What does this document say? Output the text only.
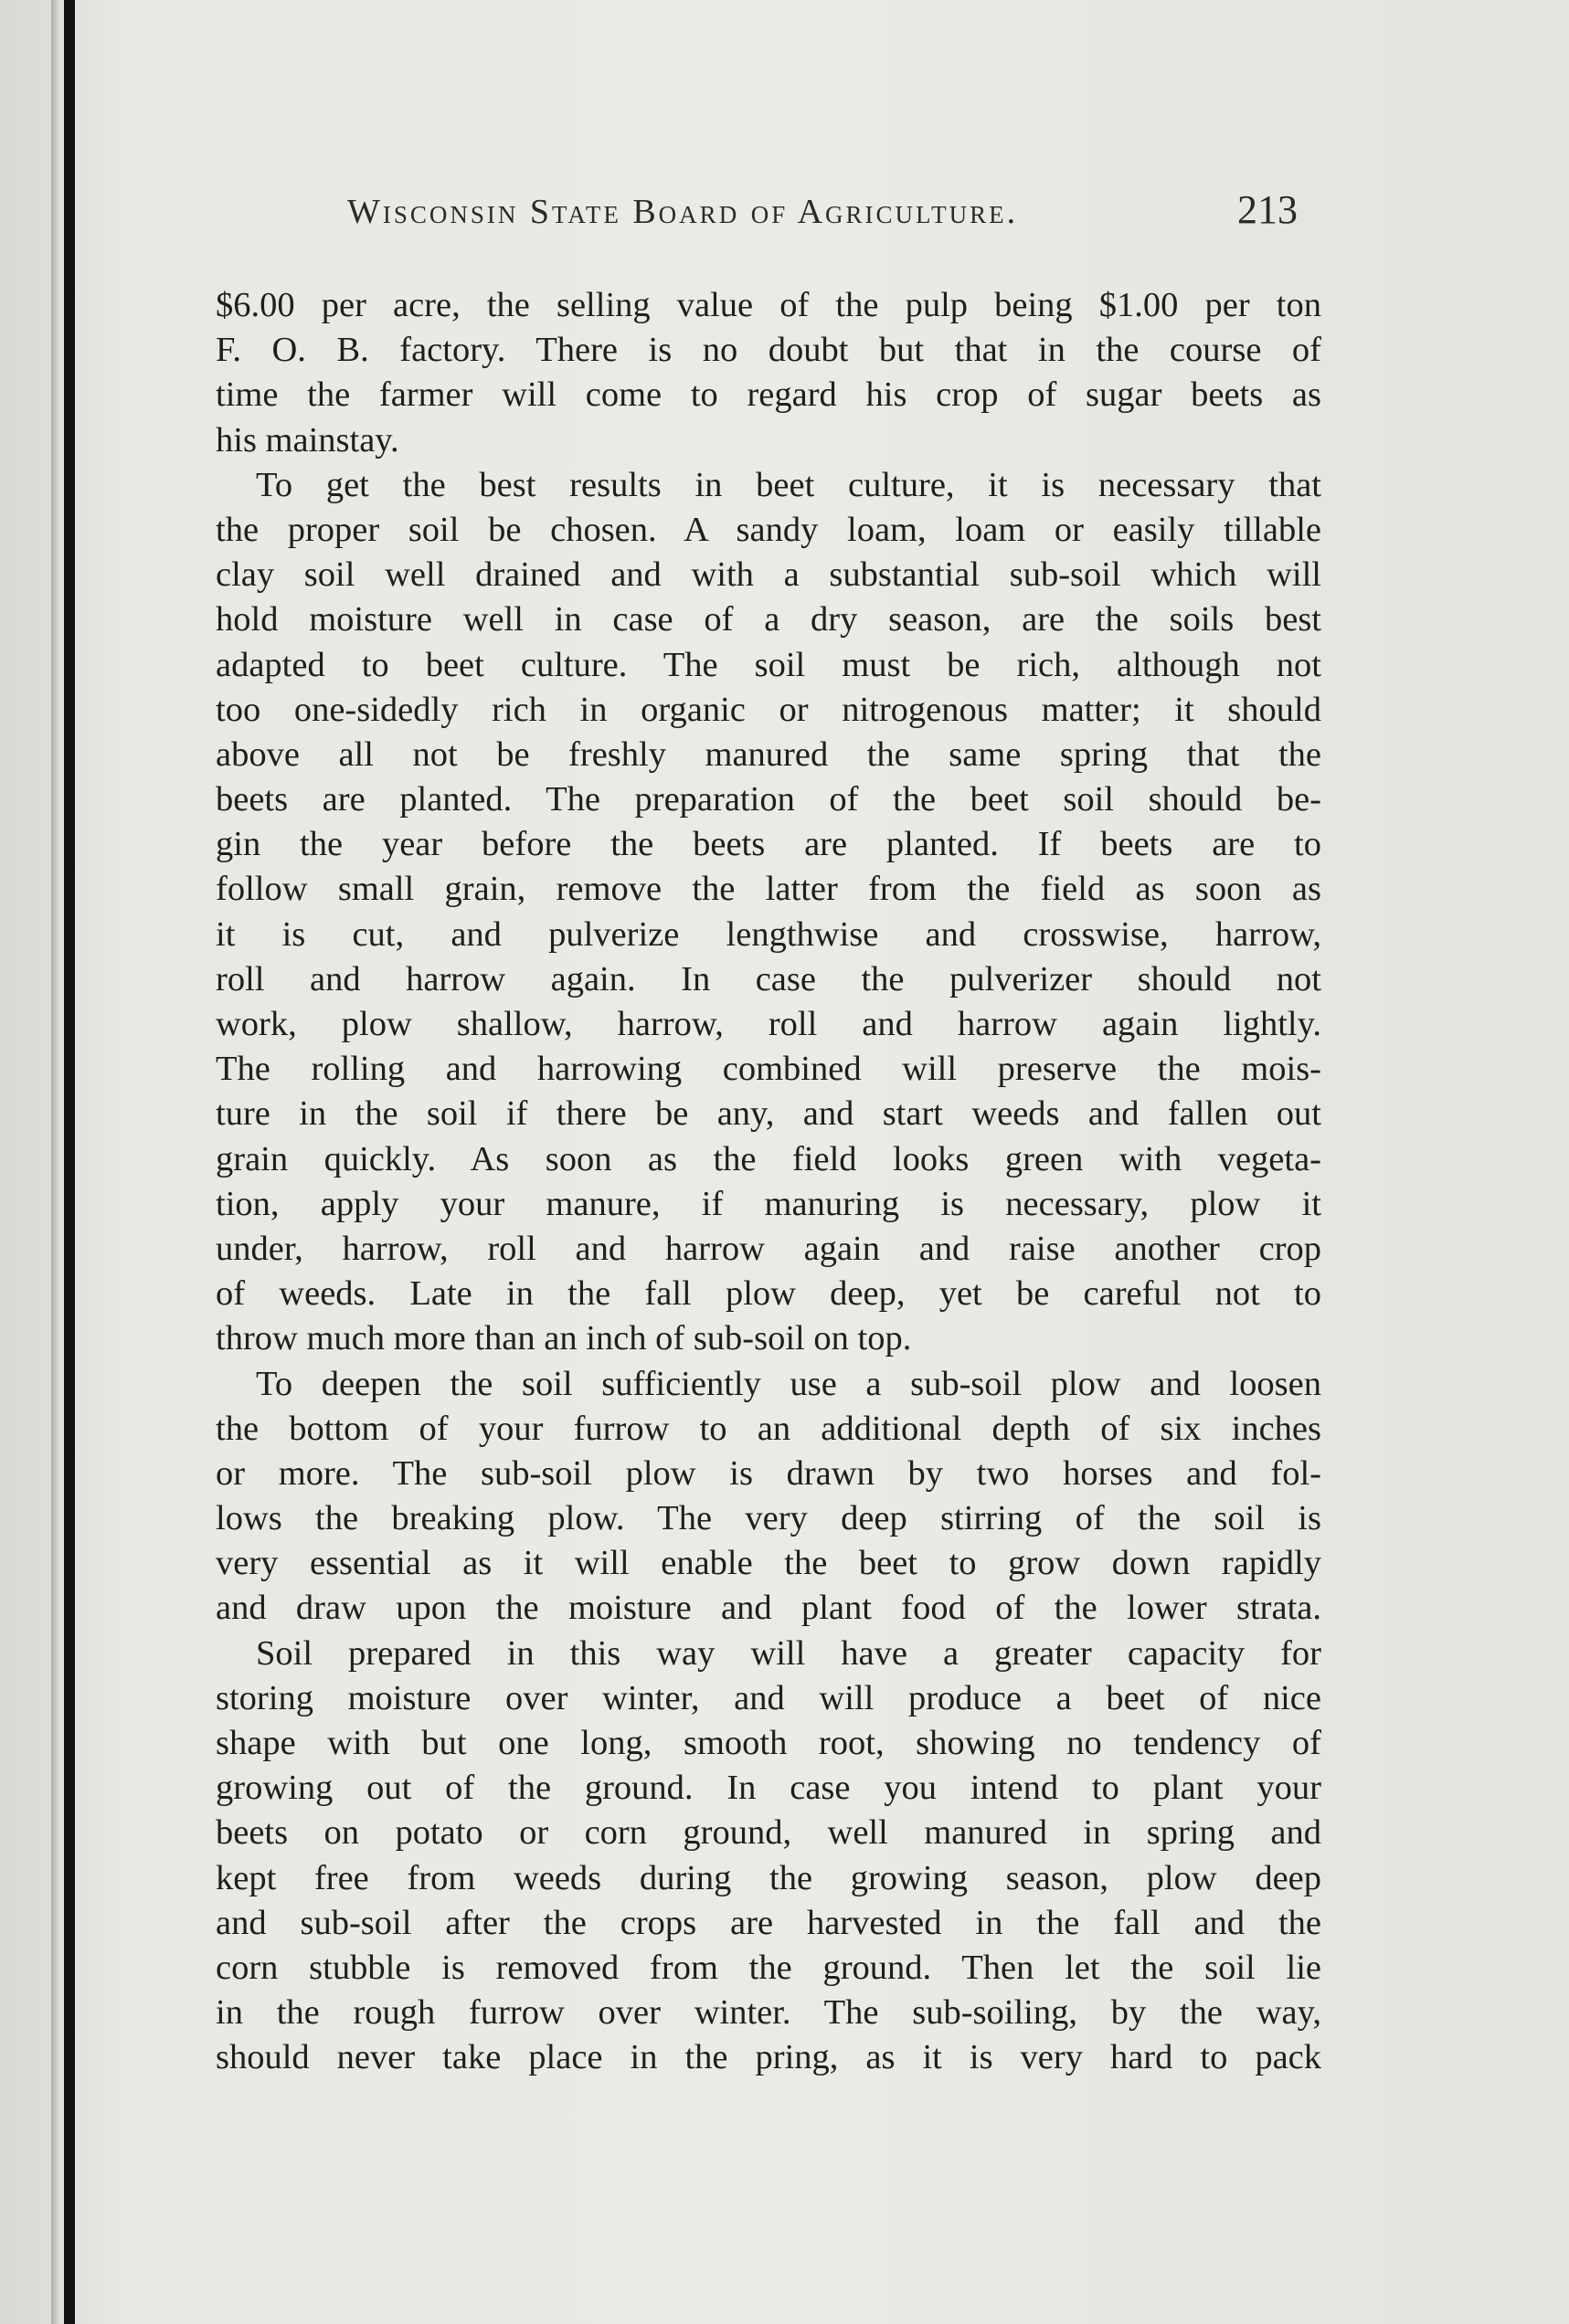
Wisconsin State Board of Agriculture.	213
$6.00 per acre, the selling value of the pulp being $1.00 per ton
F. O. B. factory. There is no doubt but that in the course of
time the farmer will come to regard his crop of sugar beets as
his mainstay.
To get the best results in beet culture, it is necessary that
the proper soil be chosen. A sandy loam, loam or easily tillable
clay soil well drained and with a substantial sub-soil which will
hold moisture well in case of a dry season, are the soils best
adapted to beet culture. The soil must be rich, although not
too one-sidedly rich in organic or nitrogenous matter; it should
above all not be freshly manured the same spring that the
beets are planted. The preparation of the beet soil should be-
gin the year before the beets are planted. If beets are to
follow small grain, remove the latter from the field as soon as
it is cut, and pulverize lengthwise and crosswise, harrow,
roll and harrow again. In case the pulverizer should not
work, plow shallow, harrow, roll and harrow again lightly.
The rolling and harrowing combined will preserve the mois-
ture in the soil if there be any, and start weeds and fallen out
grain quickly. As soon as the field looks green with vegeta-
tion, apply your manure, if manuring is necessary, plow it
under, harrow, roll and harrow again and raise another crop
of weeds. Late in the fall plow deep, yet be careful not to
throw much more than an inch of sub-soil on top.
To deepen the soil sufficiently use a sub-soil plow and loosen
the bottom of your furrow to an additional depth of six inches
or more. The sub-soil plow is drawn by two horses and fol-
lows the breaking plow. The very deep stirring of the soil is
very essential as it will enable the beet to grow down rapidly
and draw upon the moisture and plant food of the lower strata.
Soil prepared in this way will have a greater capacity for
storing moisture over winter, and will produce a beet of nice
shape with but one long, smooth root, showing no tendency of
growing out of the ground. In case you intend to plant your
beets on potato or corn ground, well manured in spring and
kept free from weeds during the growing season, plow deep
and sub-soil after the crops are harvested in the fall and the
corn stubble is removed from the ground. Then let the soil lie
in the rough furrow over winter. The sub-soiling, by the way,
should never take place in the pring, as it is very hard to pack
